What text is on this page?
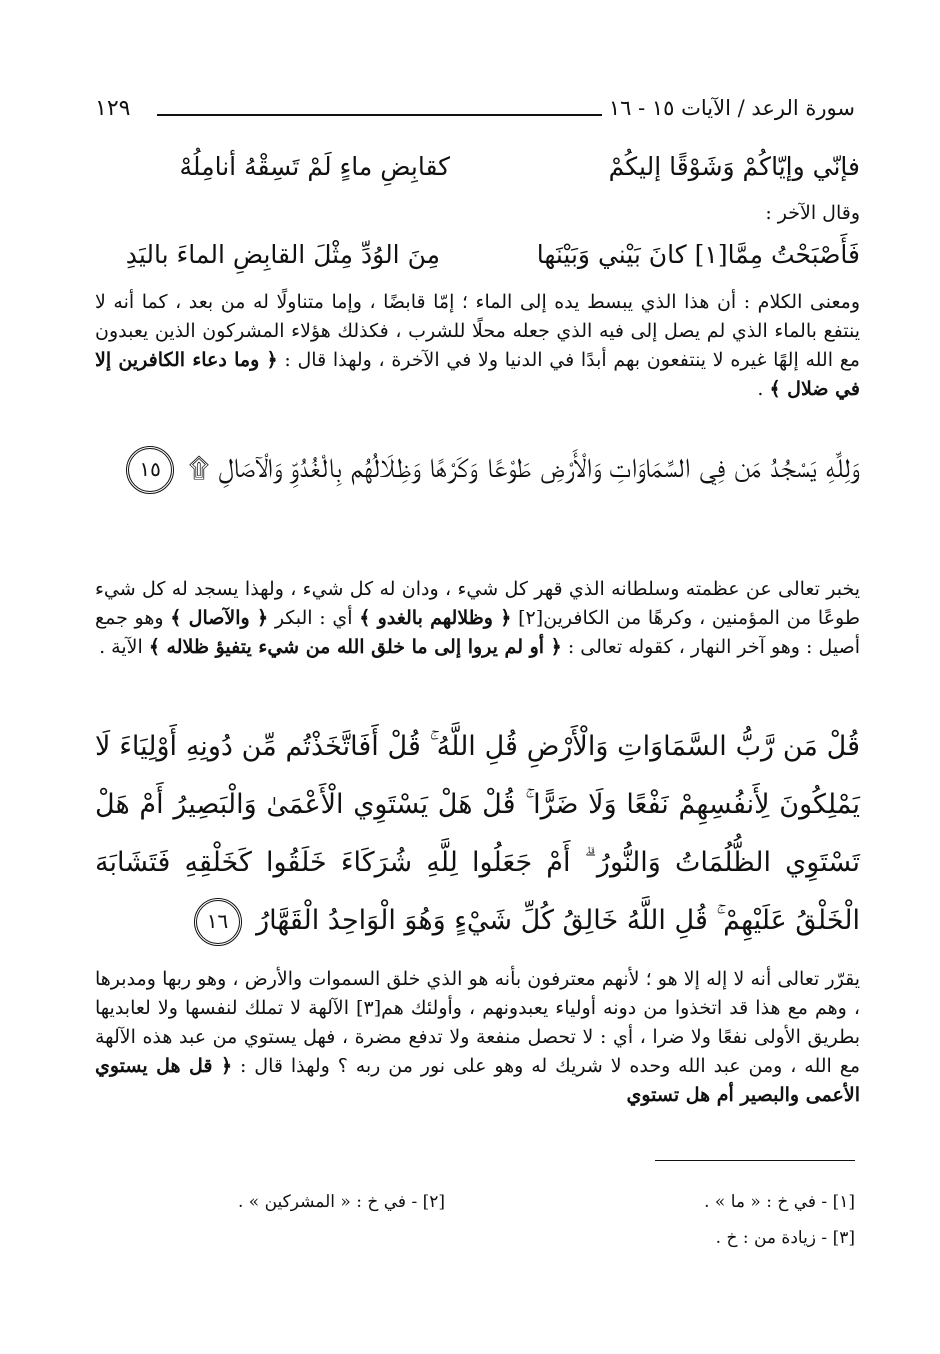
١٢٩	سورة الرعد / الآيات ١٥ - ١٦
فإنّي وإيّاكُمْ وَشَوْقًا إليكُمْ
كقابِضِ ماءٍ لَمْ تَسِقْهُ أنامِلُهْ
وقال الآخر :
فَأَصْبَحْتُ مِمَّا[١] كانَ بَيْني وَبَيْنَها
مِنَ الوُدِّ مِثْلَ القابِضِ الماءَ باليَدِ
ومعنى الكلام : أن هذا الذي يبسط يده إلى الماء ؛ إمّا قابضًا ، وإما متناولًا له من بعد ، كما أنه لا ينتفع بالماء الذي لم يصل إلى فيه الذي جعله محلًا للشرب ، فكذلك هؤلاء المشركون الذين يعبدون مع الله إلهًا غيره لا ينتفعون بهم أبدًا في الدنيا ولا في الآخرة ، ولهذا قال : ﴿ وما دعاء الكافرين إلا في ضلال ﴾ .
وَلِلَّهِ يَسْجُدُ مَن فِي السَّمَاوَاتِ وَالْأَرْضِ طَوْعًا وَكَرْهًا وَظِلَالُهُم بِالْغُدُوِّ وَالْآصَالِ ۩ ١٥
يخبر تعالى عن عظمته وسلطانه الذي قهر كل شيء ، ودان له كل شيء ، ولهذا يسجد له كل شيء طوعًا من المؤمنين ، وكرهًا من الكافرين[٢] ﴿ وظلالهم بالغدو ﴾ أي : البكر ﴿ والآصال ﴾ وهو جمع أصيل : وهو آخر النهار ، كقوله تعالى : ﴿ أو لم يروا إلى ما خلق الله من شيء يتفيؤ ظلاله ﴾ الآية .
قُلْ مَن رَّبُّ السَّمَاوَاتِ وَالْأَرْضِ قُلِ اللَّهُ ۚ قُلْ أَفَاتَّخَذْتُم مِّن دُونِهِ أَوْلِيَاءَ لَا يَمْلِكُونَ لِأَنفُسِهِمْ نَفْعًا وَلَا ضَرًّا ۚ قُلْ هَلْ يَسْتَوِي الْأَعْمَىٰ وَالْبَصِيرُ أَمْ هَلْ تَسْتَوِي الظُّلُمَاتُ وَالنُّورُ ۗ أَمْ جَعَلُوا لِلَّهِ شُرَكَاءَ خَلَقُوا كَخَلْقِهِ فَتَشَابَهَ الْخَلْقُ عَلَيْهِمْ ۚ قُلِ اللَّهُ خَالِقُ كُلِّ شَيْءٍ وَهُوَ الْوَاحِدُ الْقَهَّارُ ١٦
يقرّر تعالى أنه لا إله إلا هو ؛ لأنهم معترفون بأنه هو الذي خلق السموات والأرض ، وهو ربها ومدبرها ، وهم مع هذا قد اتخذوا من دونه أولياء يعبدونهم ، وأولئك هم[٣] الآلهة لا تملك لنفسها ولا لعابديها بطريق الأولى نفعًا ولا ضرا ، أي : لا تحصل منفعة ولا تدفع مضرة ، فهل يستوي من عبد هذه الآلهة مع الله ، ومن عبد الله وحده لا شريك له وهو على نور من ربه ؟ ولهذا قال : ﴿ قل هل يستوي الأعمى والبصير أم هل تستوي
[١] - في خ : « ما » .
[٢] - في خ : « المشركين » .
[٣] - زيادة من : خ .
